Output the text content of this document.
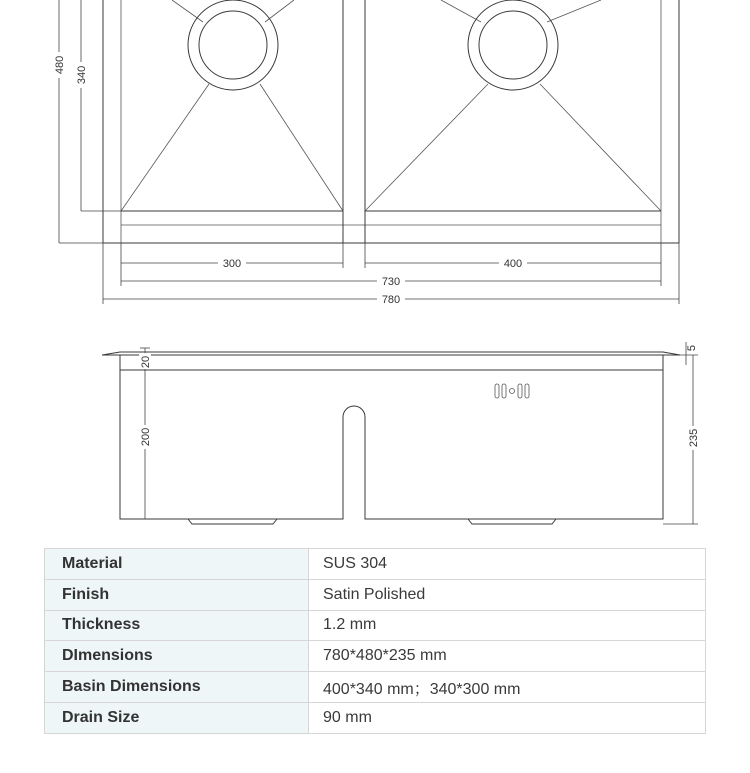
480
340
300	400
730
780
20
200	235
5
Material	SUS 304
Finish	Satin Polished
Thickness	1.2 mm
DImensions	780*480*235 mm
Basin Dimensions	400*340 mm；340*300 mm
Drain Size	90 mm
